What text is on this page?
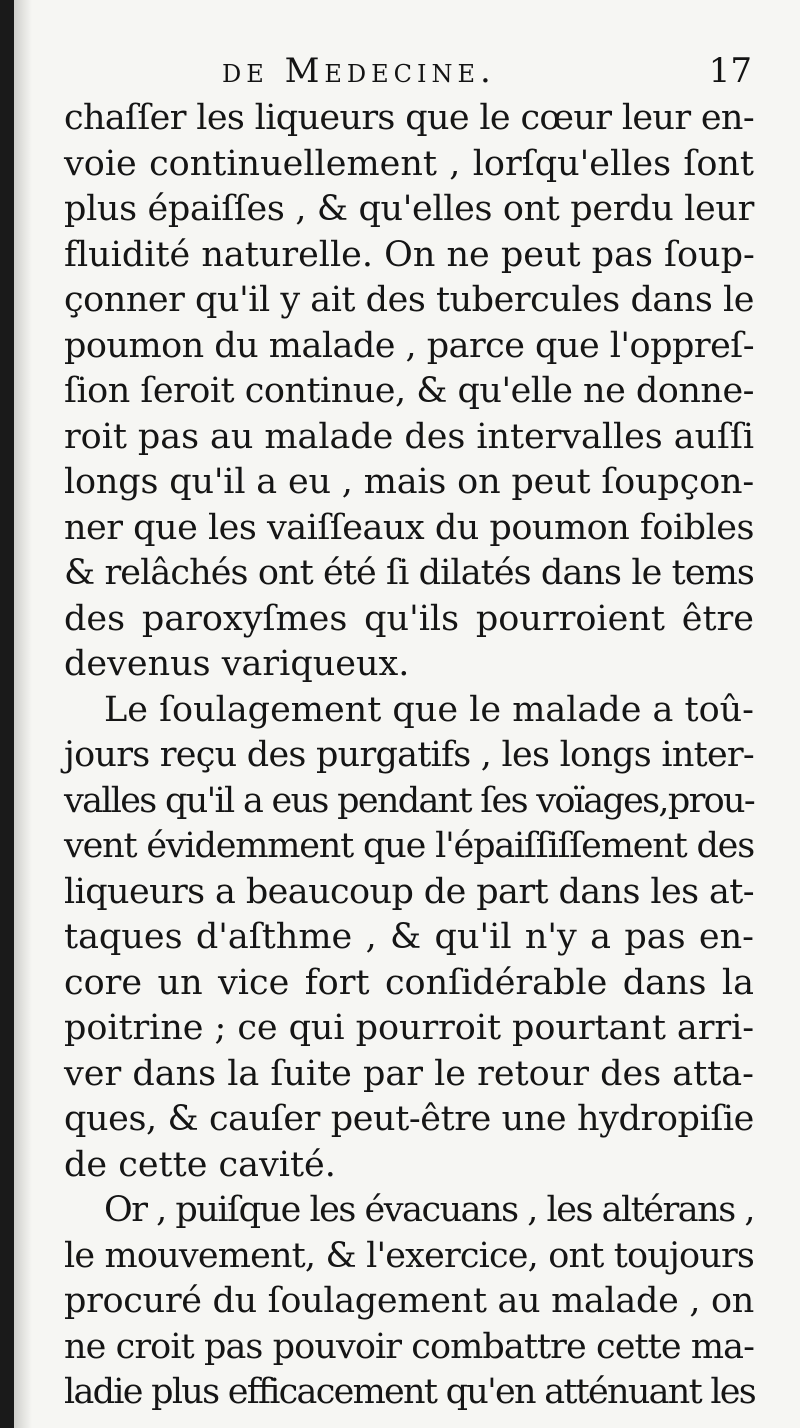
de Medecine.	17
chaſſer les liqueurs que le cœur leur en-
voie continuellement , lorſqu'elles ſont
plus épaiſſes , & qu'elles ont perdu leur
fluidité naturelle. On ne peut pas ſoup-
çonner qu'il y ait des tubercules dans le
poumon du malade , parce que l'oppreſ-
ſion ſeroit continue, & qu'elle ne donne-
roit pas au malade des intervalles auſſi
longs qu'il a eu , mais on peut ſoupçon-
ner que les vaiſſeaux du poumon foibles
& relâchés ont été ſi dilatés dans le tems
des paroxyſmes qu'ils pourroient être
devenus variqueux.
Le ſoulagement que le malade a toû-
jours reçu des purgatifs , les longs inter-
valles qu'il a eus pendant ſes voïages,prou-
vent évidemment que l'épaiſſiſſement des
liqueurs a beaucoup de part dans les at-
taques d'aſthme , & qu'il n'y a pas en-
core un vice fort conſidérable dans la
poitrine ; ce qui pourroit pourtant arri-
ver dans la ſuite par le retour des atta-
ques, & cauſer peut-être une hydropiſie
de cette cavité.
Or , puiſque les évacuans , les altérans ,
le mouvement, & l'exercice, ont toujours
procuré du ſoulagement au malade , on
ne croit pas pouvoir combattre cette ma-
ladie plus efficacement qu'en atténuant les
